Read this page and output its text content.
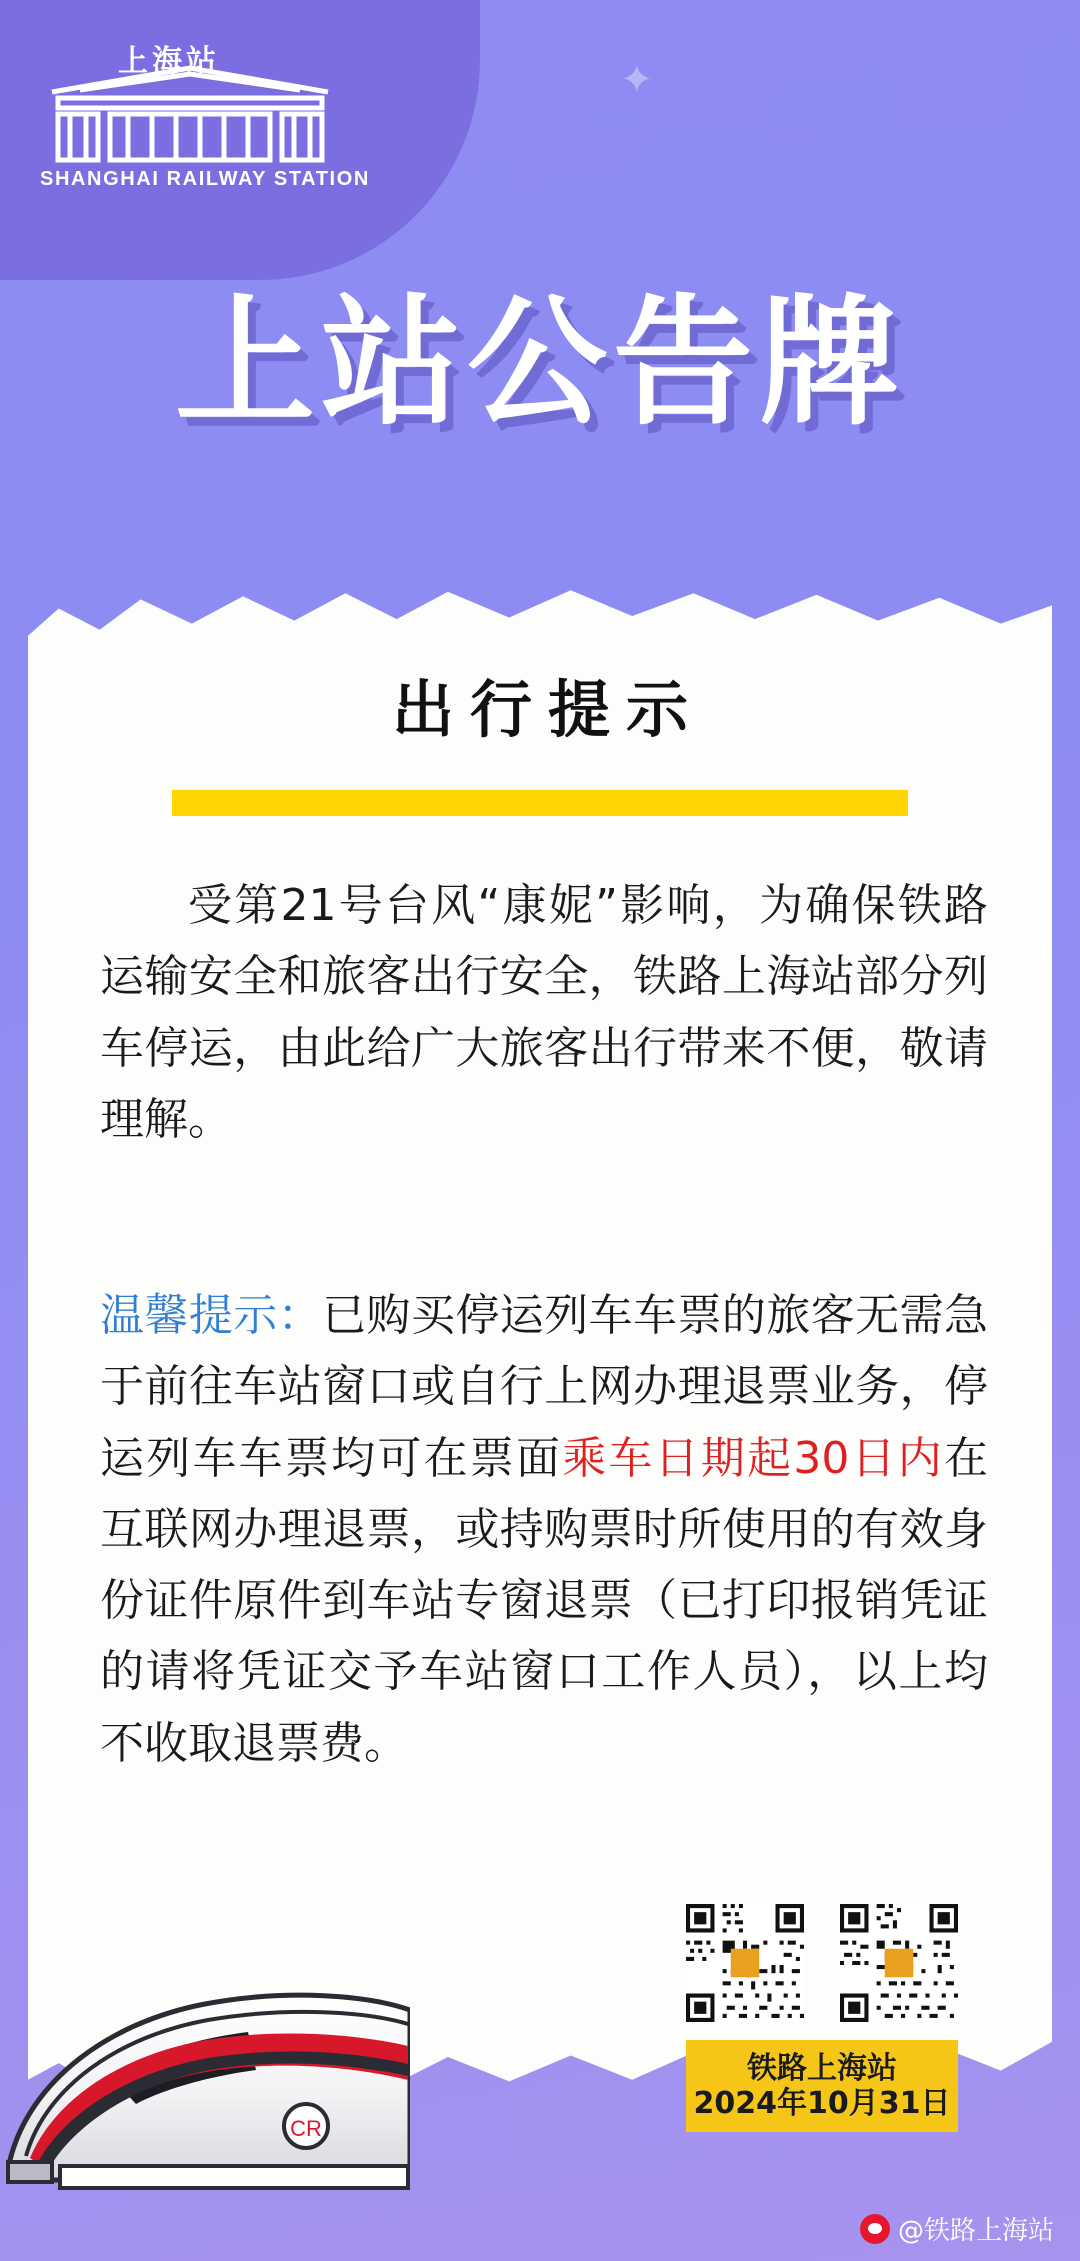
上海站
SHANGHAI RAILWAY STATION
✦
上站公告牌
出行提示
受第21号台风“康妮”影响，为确保铁路运输安全和旅客出行安全，铁路上海站部分列车停运，由此给广大旅客出行带来不便，敬请理解。
温馨提示：已购买停运列车车票的旅客无需急于前往车站窗口或自行上网办理退票业务，停运列车车票均可在票面乘车日期起30日内在互联网办理退票，或持购票时所使用的有效身份证件原件到车站专窗退票（已打印报销凭证的请将凭证交予车站窗口工作人员），以上均不收取退票费。
铁路上海站
2024年10月31日
CR
@铁路上海站
